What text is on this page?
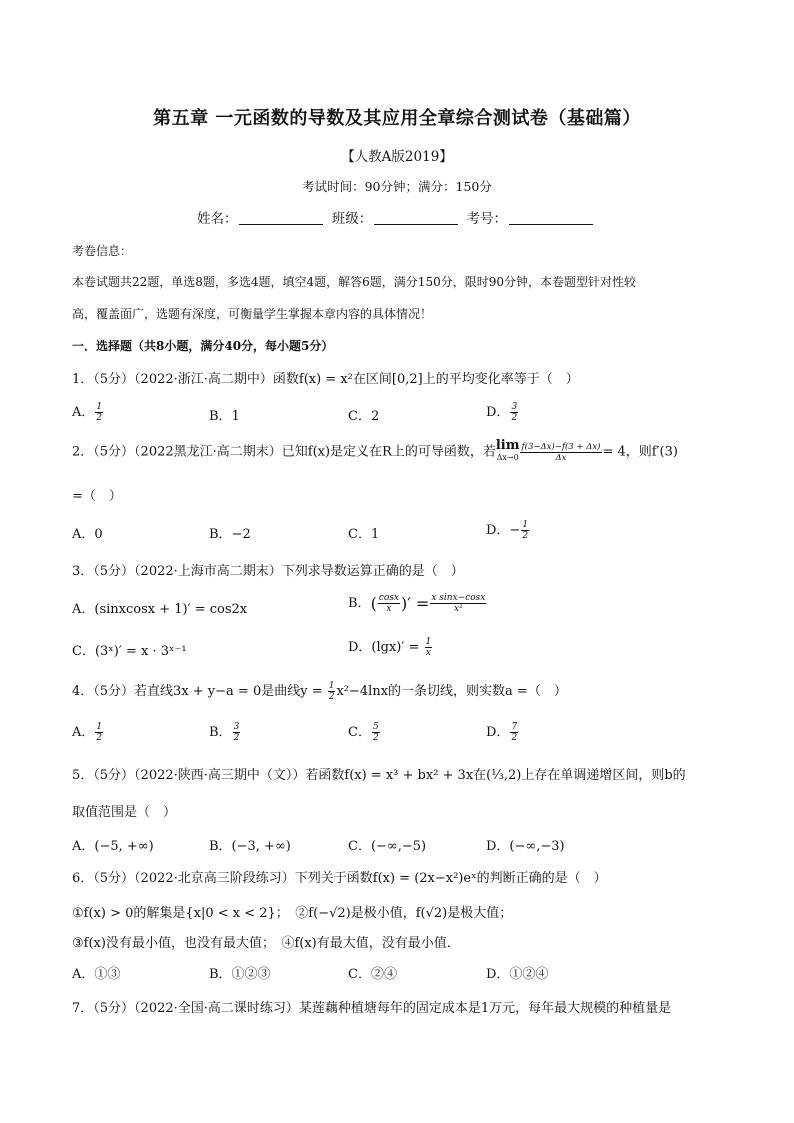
第五章 一元函数的导数及其应用全章综合测试卷（基础篇）
【人教A版2019】
考试时间：90分钟；满分：150分
姓名：	班级：	考号：
考卷信息：
本卷试题共22题，单选8题，多选4题，填空4题，解答6题，满分150分，限时90分钟，本卷题型针对性较
高，覆盖面广，选题有深度，可衡量学生掌握本章内容的具体情况！
一．选择题（共8小题，满分40分，每小题5分）
1．（5分）（2022·浙江·高二期中）函数f(x) = x²在区间[0,2]上的平均变化率等于（　）
A． $\frac{1}{2}$	B．1	C．2	D． $\frac{3}{2}$
2．（5分）（2022黑龙江·高二期末）已知f(x)是定义在R上的可导函数，若 lim
$\Delta x\to 0 \frac{f(3-\Delta x)-f(3 + \Delta x)}{\Delta x} = 4$，则f′(3)
=（　）
A．0	B．−2	C．1	D．− $\frac{1}{2}$
3．（5分）（2022·上海市高二期末）下列求导数运算正确的是（　）
A．(sinxcosx + 1)′ = cos2x	B．( $\frac{\cos x}{x}$ )′ = $\frac{\text{x sinx−cosx}}{\text{x²}}$
C．(3ˣ)′ = x · 3ˣ⁻¹	D．$(\lg x)' = \frac{1}{x}$
4．（5分）若直线3x + y−a = 0是曲线$y = \frac{1}{2} x^2-4\ln x$的一条切线，则实数a =（　）
A． $\frac{1}{2}$	B． $\frac{3}{2}$	C． $\frac{5}{2}$	D． $\frac{7}{2}$
5．（5分）（2022·陕西·高三期中（文））若函数f(x) = x³ + bx² + 3x在(⅓,2)上存在单调递增区间，则b的
取值范围是（　）
A．(−5, +∞)	B．(−3, +∞)	C．(−∞,−5)	D．(−∞,−3)
6．（5分）（2022·北京高三阶段练习）下列关于函数f(x) = (2x−x²)eˣ的判断正确的是（　）
①f(x) > 0的解集是{x|0 < x < 2}；　②f(−√2)是极小值，f(√2)是极大值；
③f(x)没有最小值，也没有最大值；　④f(x)有最大值，没有最小值.
A．①③	B．①②③	C．②④	D．①②④
7．（5分）（2022·全国·高二课时练习）某莲藕种植塘每年的固定成本是1万元，每年最大规模的种植量是
